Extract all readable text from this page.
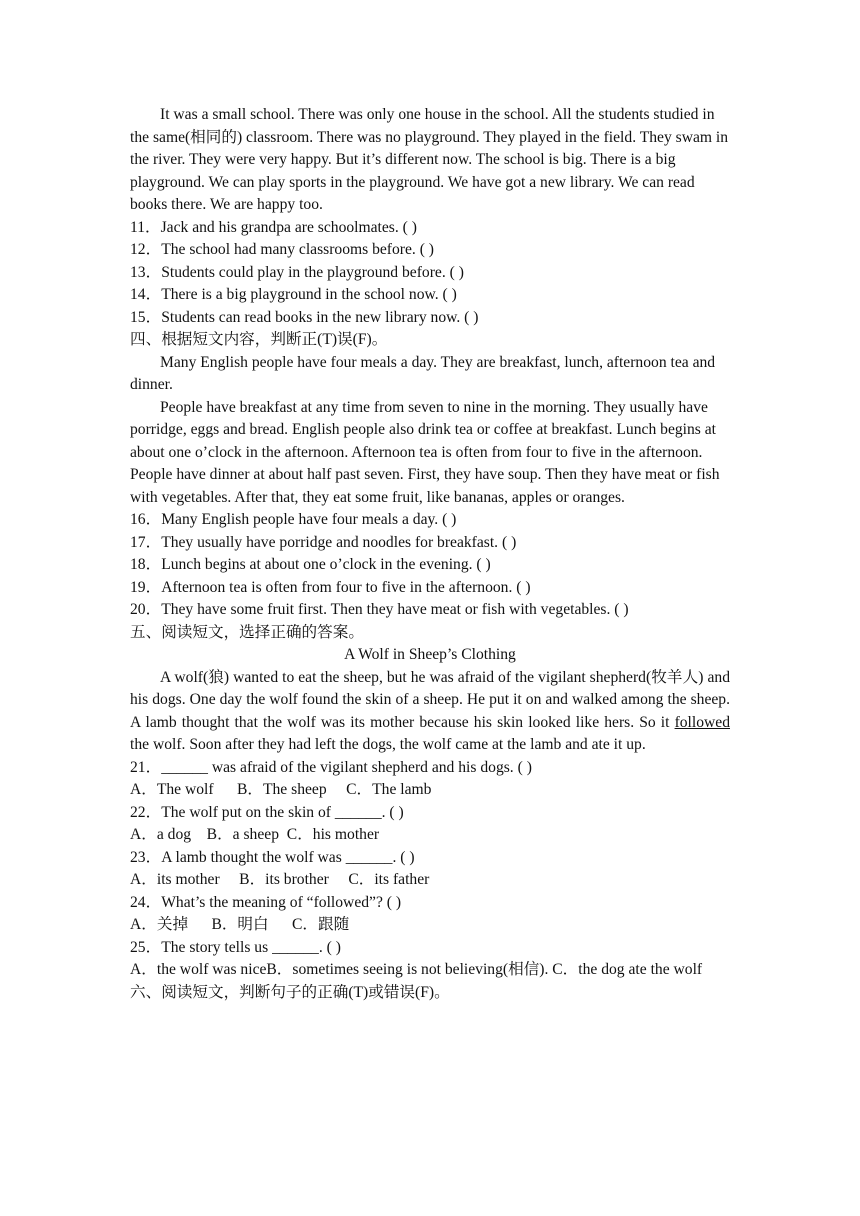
It was a small school. There was only one house in the school. All the students studied in the same(相同的) classroom. There was no playground. They played in the field. They swam in the river. They were very happy. But it’s different now. The school is big. There is a big playground. We can play sports in the playground. We have got a new library. We can read books there. We are happy too.

11．Jack and his grandpa are schoolmates. ( )

12．The school had many classrooms before. ( )

13．Students could play in the playground before. ( )

14．There is a big playground in the school now. ( )

15．Students can read books in the new library now. ( )

四、根据短文内容，判断正(T)误(F)。

Many English people have four meals a day. They are breakfast, lunch, afternoon tea and dinner.

People have breakfast at any time from seven to nine in the morning. They usually have porridge, eggs and bread. English people also drink tea or coffee at breakfast. Lunch begins at about one o’clock in the afternoon. Afternoon tea is often from four to five in the afternoon. People have dinner at about half past seven. First, they have soup. Then they have meat or fish with vegetables. After that, they eat some fruit, like bananas, apples or oranges.

16．Many English people have four meals a day. ( )

17．They usually have porridge and noodles for breakfast. ( )

18．Lunch begins at about one o’clock in the evening. ( )

19．Afternoon tea is often from four to five in the afternoon. ( )

20．They have some fruit first. Then they have meat or fish with vegetables. ( )

五、阅读短文，选择正确的答案。

A Wolf in Sheep’s Clothing

A wolf(狼) wanted to eat the sheep, but he was afraid of the vigilant shepherd(牧羊人) and his dogs. One day the wolf found the skin of a sheep. He put it on and walked among the sheep. A lamb thought that the wolf was its mother because his skin looked like hers. So it followed the wolf. Soon after they had left the dogs, the wolf came at the lamb and ate it up.

21．______ was afraid of the vigilant shepherd and his dogs. ( )

A．The wolf B．The sheep C．The lamb

22．The wolf put on the skin of ______. ( )

A．a dog B．a sheep C．his mother

23．A lamb thought the wolf was ______. ( )

A．its mother B．its brother C．its father

24．What’s the meaning of “followed”? ( )

A．关掉 B．明白 C．跟随

25．The story tells us ______. ( )

A．the wolf was niceB．sometimes seeing is not believing(相信). C．the dog ate the wolf

六、阅读短文，判断句子的正确(T)或错误(F)。
